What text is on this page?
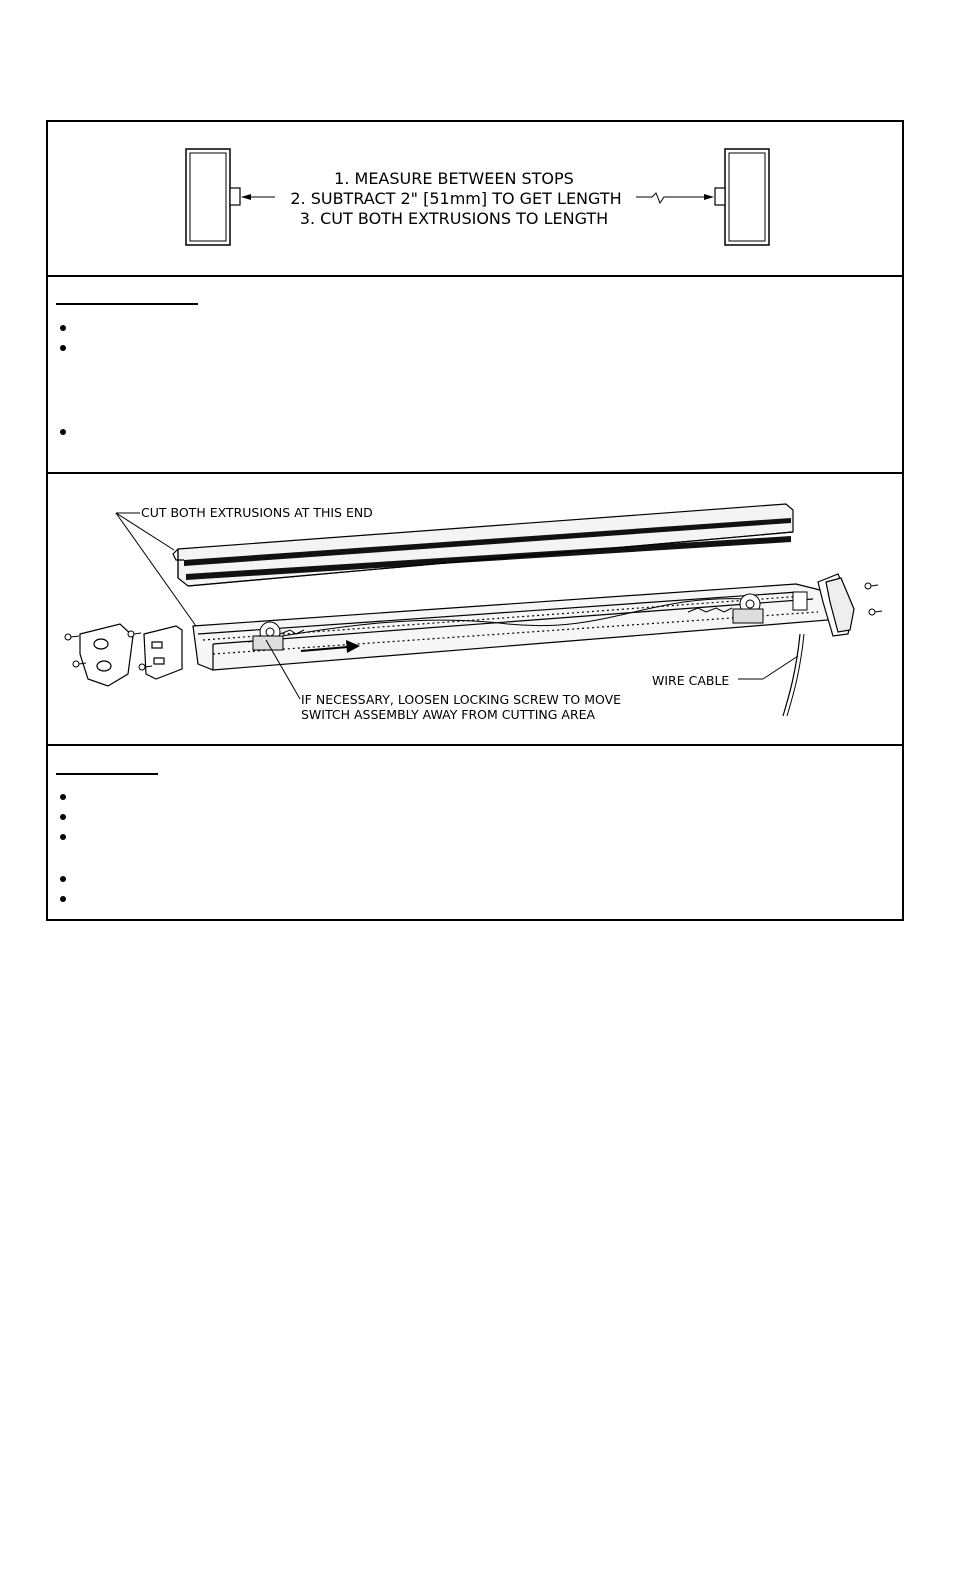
1. MEASURE BETWEEN STOPS
2. SUBTRACT 2" [51mm] TO GET LENGTH
3. CUT BOTH EXTRUSIONS TO LENGTH
CUT BOTH EXTRUSIONS AT THIS END
WIRE CABLE
IF NECESSARY, LOOSEN LOCKING SCREW TO MOVE
SWITCH ASSEMBLY AWAY FROM CUTTING AREA
